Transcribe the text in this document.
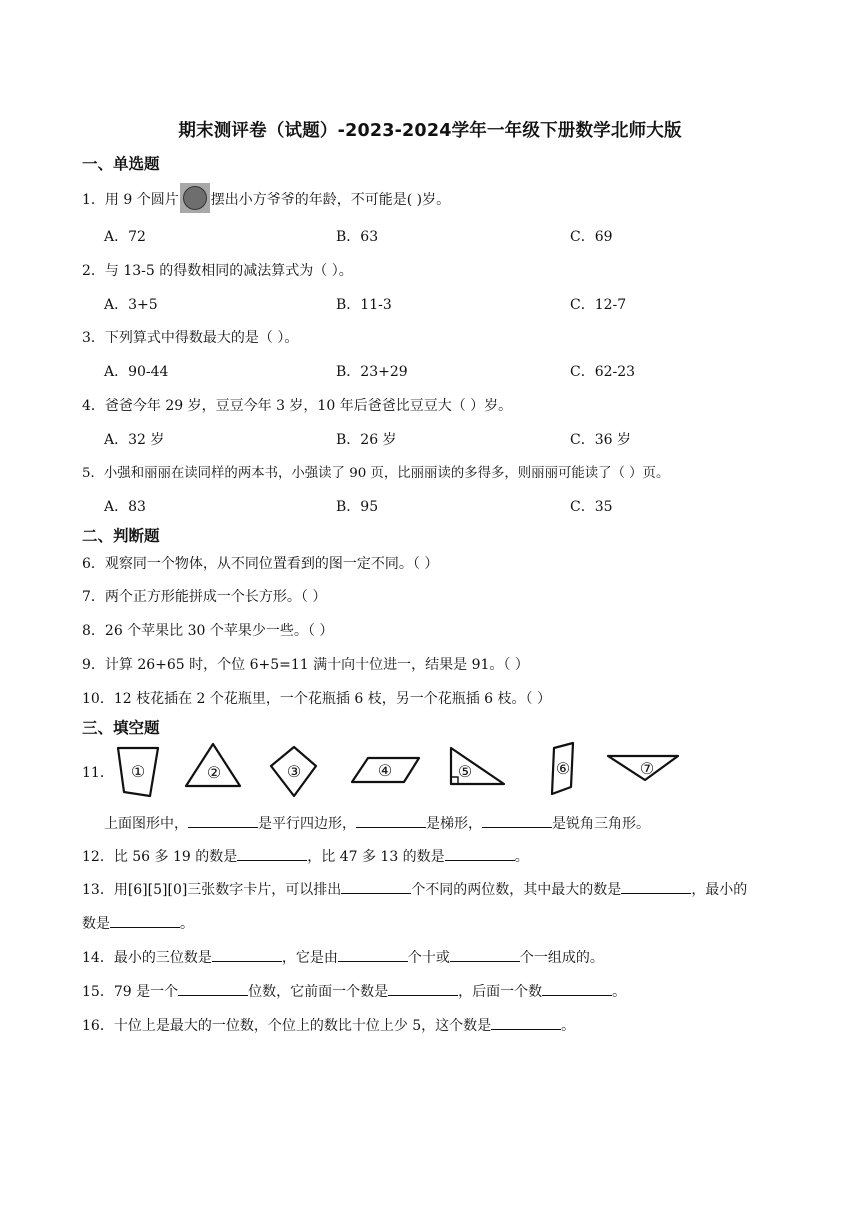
期末测评卷（试题）-2023-2024学年一年级下册数学北师大版
一、单选题
1．用 9 个圆片 摆出小方爷爷的年龄，不可能是( )岁。
A．72	B．63	C．69
2．与 13-5 的得数相同的减法算式为（ ）。
A．3+5	B．11-3	C．12-7
3．下列算式中得数最大的是（ ）。
A．90-44	B．23+29	C．62-23
4．爸爸今年 29 岁，豆豆今年 3 岁，10 年后爸爸比豆豆大（ ）岁。
A．32 岁	B．26 岁	C．36 岁
5．小强和丽丽在读同样的两本书，小强读了 90 页，比丽丽读的多得多，则丽丽可能读了（ ）页。
A．83	B．95	C．35
二、判断题
6．观察同一个物体，从不同位置看到的图一定不同。（ ）
7．两个正方形能拼成一个长方形。（ ）
8．26 个苹果比 30 个苹果少一些。（ ）
9．计算 26+65 时，个位 6+5=11 满十向十位进一，结果是 91。（ ）
10．12 枝花插在 2 个花瓶里，一个花瓶插 6 枝，另一个花瓶插 6 枝。（ ）
三、填空题
11． ①	②	③	④	⑤	⑥	⑦
上面图形中，	是平行四边形，	是梯形，	是锐角三角形。
12．比 56 多 19 的数是	，比 47 多 13 的数是	。
13．用[6][5][0]三张数字卡片，可以排出	个不同的两位数，其中最大的数是	，最小的
数是	。
14．最小的三位数是	，它是由	个十或	个一组成的。
15．79 是一个	位数，它前面一个数是	，后面一个数	。
16．十位上是最大的一位数，个位上的数比十位上少 5，这个数是	。
